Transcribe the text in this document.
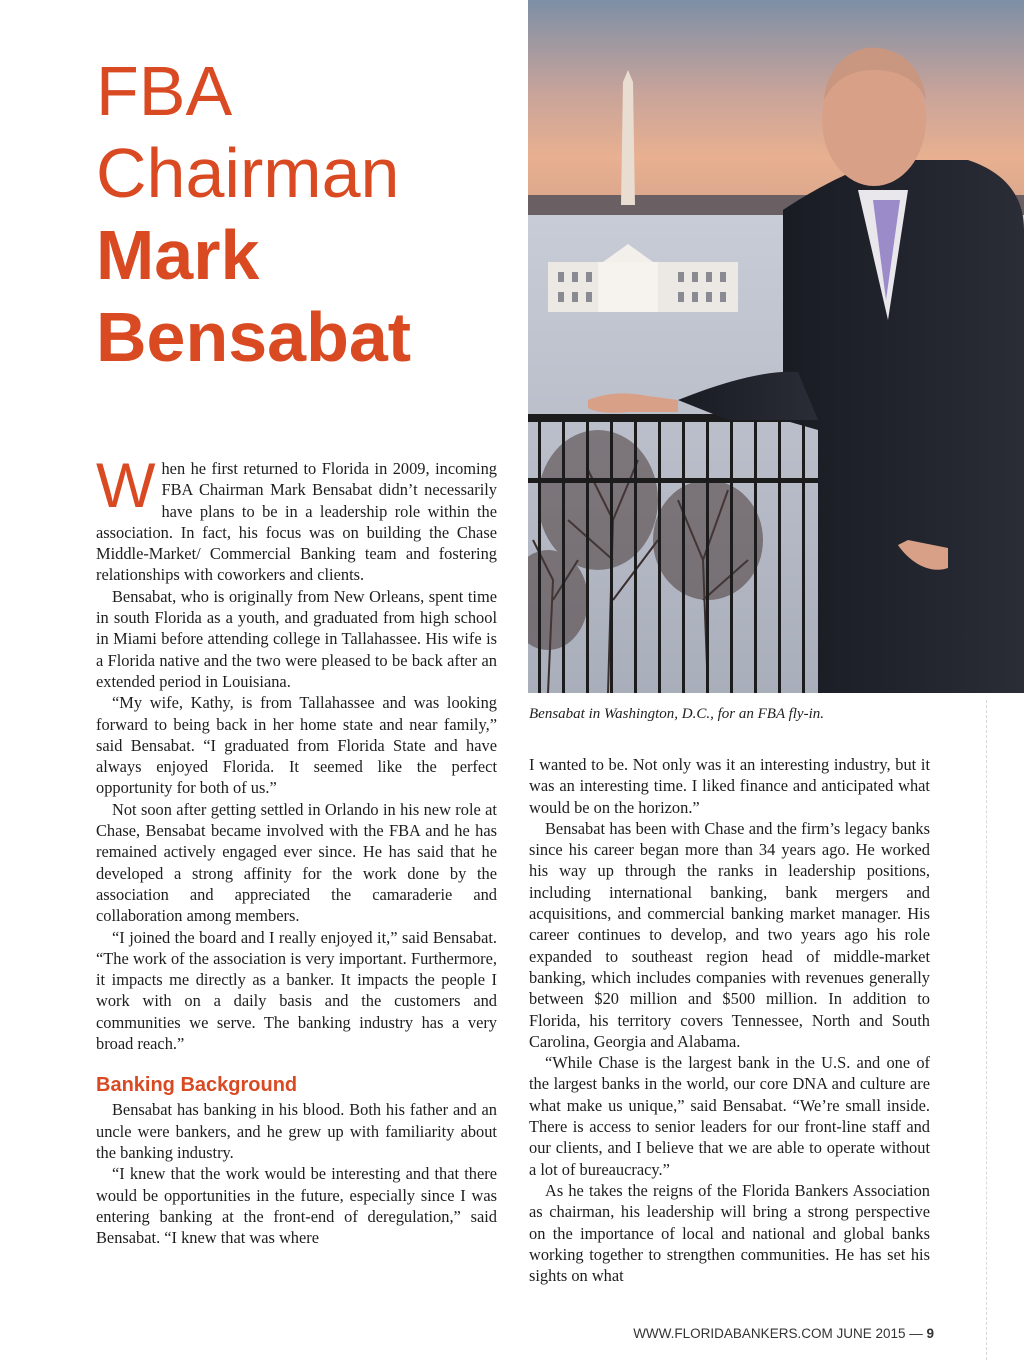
FBA
Chairman
Mark
Bensabat
Bensabat in Washington, D.C., for an FBA fly-in.

When he first returned to Florida in 2009, incoming FBA Chairman Mark Bensabat didn’t necessarily have plans to be in a leadership role within the association. In fact, his focus was on building the Chase Middle-Market/ Commercial Banking team and fostering relationships with coworkers and clients.

Bensabat, who is originally from New Orleans, spent time in south Florida as a youth, and graduated from high school in Miami before attending college in Tallahassee. His wife is a Florida native and the two were pleased to be back after an extended period in Louisiana.

“My wife, Kathy, is from Tallahassee and was looking forward to being back in her home state and near family,” said Bensabat. “I graduated from Florida State and have always enjoyed Florida. It seemed like the perfect opportunity for both of us.”

Not soon after getting settled in Orlando in his new role at Chase, Bensabat became involved with the FBA and he has remained actively engaged ever since. He has said that he developed a strong affinity for the work done by the association and appreciated the camaraderie and collaboration among members.

“I joined the board and I really enjoyed it,” said Bensabat. “The work of the association is very important. Furthermore, it impacts me directly as a banker. It impacts the people I work with on a daily basis and the customers and communities we serve. The banking industry has a very broad reach.”

Banking Background

Bensabat has banking in his blood. Both his father and an uncle were bankers, and he grew up with familiarity about the banking industry.

“I knew that the work would be interesting and that there would be opportunities in the future, especially since I was entering banking at the front-end of deregulation,” said Bensabat. “I knew that was where

I wanted to be. Not only was it an interesting industry, but it was an interesting time. I liked finance and anticipated what would be on the horizon.”

Bensabat has been with Chase and the firm’s legacy banks since his career began more than 34 years ago. He worked his way up through the ranks in leadership positions, including international banking, bank mergers and acquisitions, and commercial banking market manager. His career continues to develop, and two years ago his role expanded to southeast region head of middle-market banking, which includes companies with revenues generally between $20 million and $500 million. In addition to Florida, his territory covers Tennessee, North and South Carolina, Georgia and Alabama.

“While Chase is the largest bank in the U.S. and one of the largest banks in the world, our core DNA and culture are what make us unique,” said Bensabat. “We’re small inside. There is access to senior leaders for our front-line staff and our clients, and I believe that we are able to operate without a lot of bureaucracy.”

As he takes the reigns of the Florida Bankers Association as chairman, his leadership will bring a strong perspective on the importance of local and national and global banks working together to strengthen communities. He has set his sights on what

WWW.FLORIDABANKERS.COM JUNE 2015 — 9
